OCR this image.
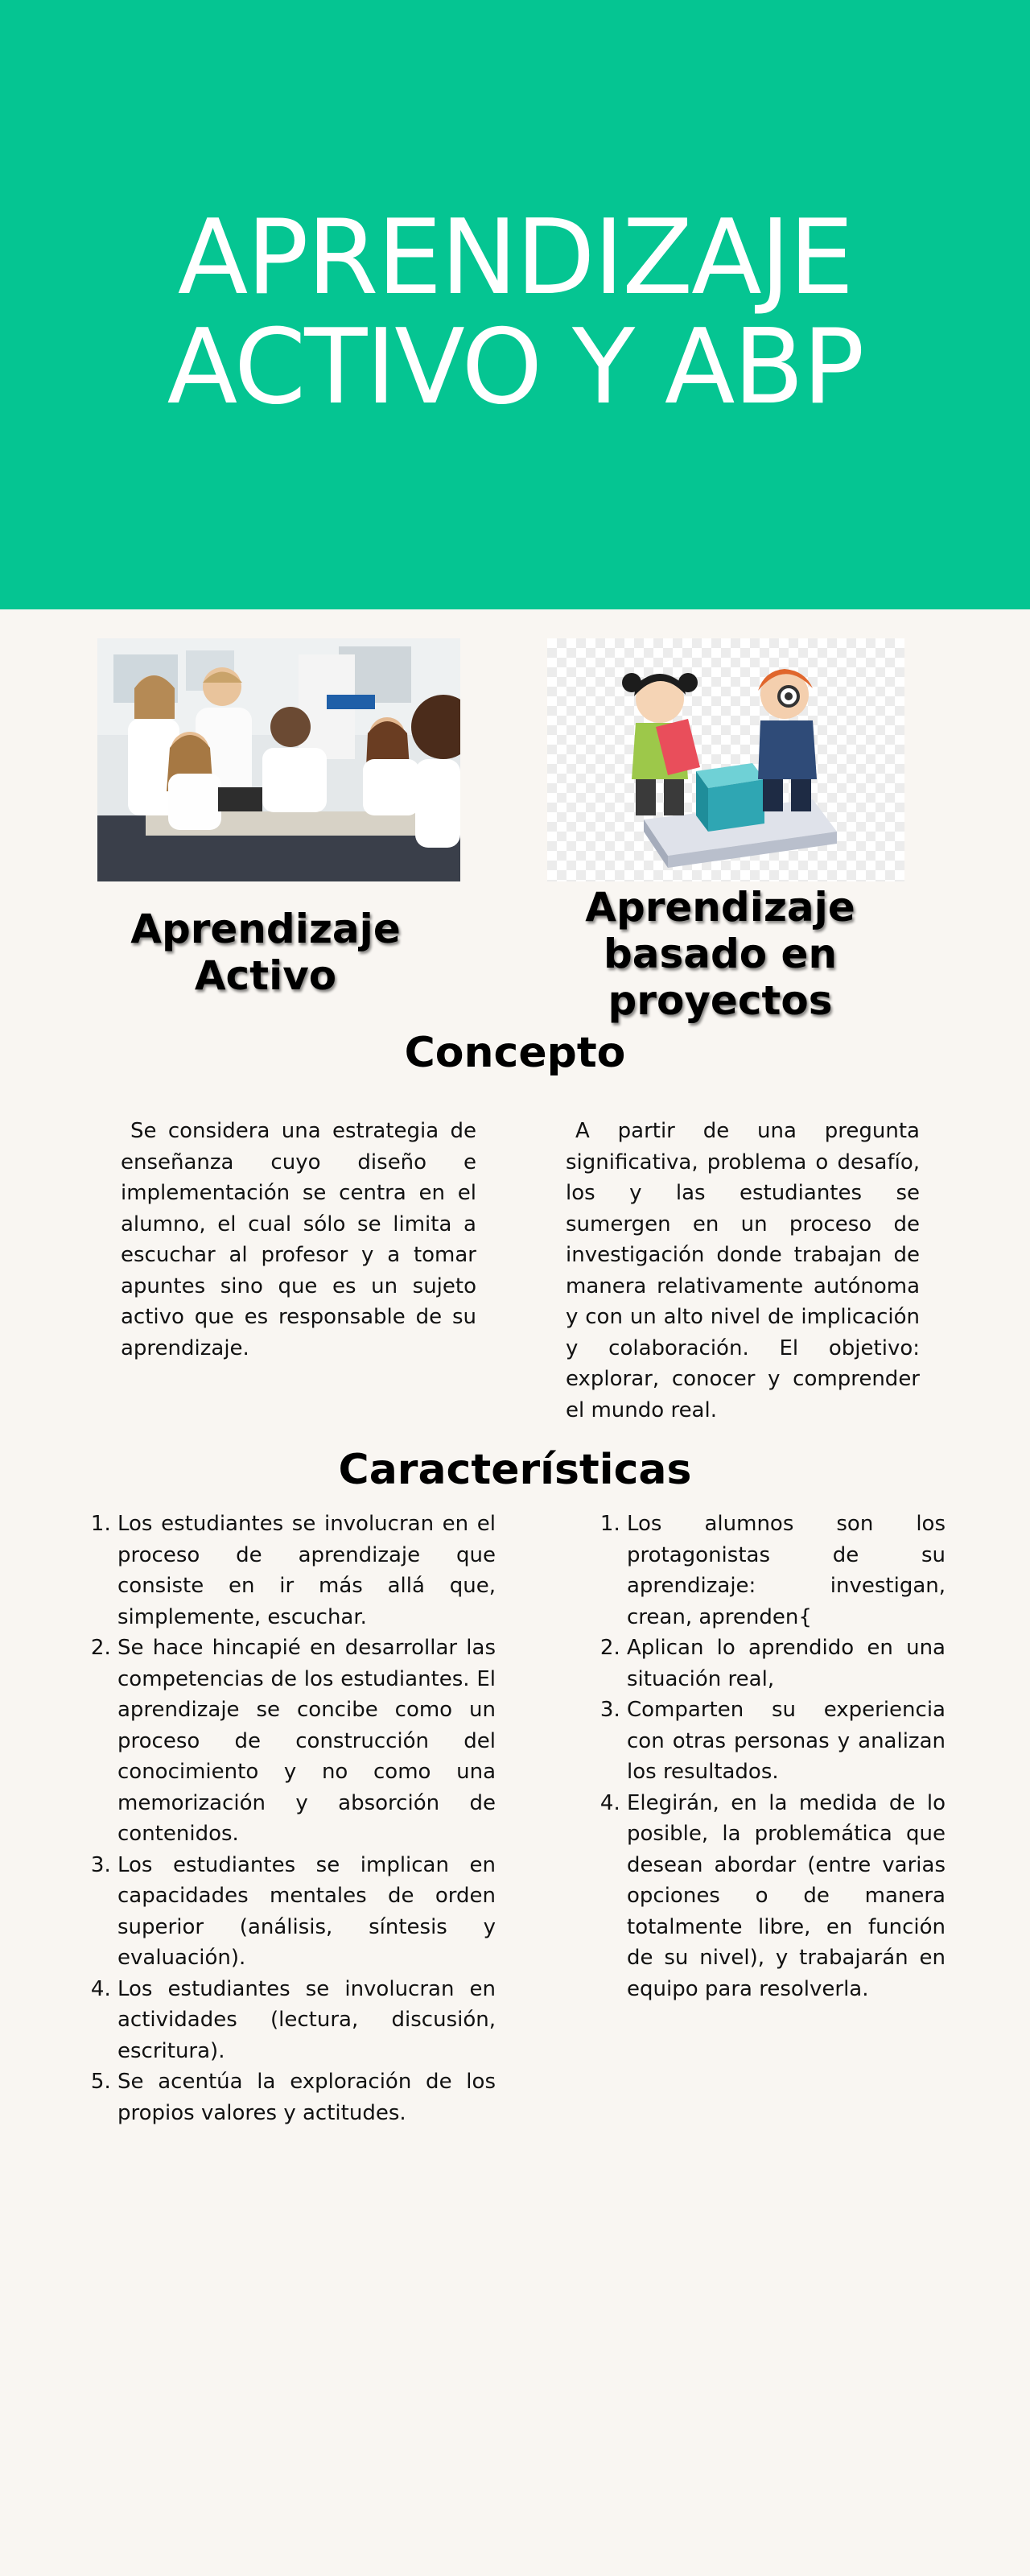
APRENDIZAJE
ACTIVO Y ABP
Aprendizaje
Activo
Aprendizaje
basado en
proyectos
Concepto

Se considera una estrategia de enseñanza cuyo diseño e implementación se centra en el alumno, el cual sólo se limita a escuchar al profesor y a tomar apuntes sino que es un sujeto activo que es responsable de su aprendizaje.

A partir de una pregunta significativa, problema o desafío, los y las estudiantes se sumergen en un proceso de investigación donde trabajan de manera relativamente autónoma y con un alto nivel de implicación y colaboración. El objetivo: explorar, conocer y comprender el mundo real.

Características
1. Los estudiantes se involucran en el proceso de aprendizaje que consiste en ir más allá que, simplemente, escuchar.
2. Se hace hincapié en desarrollar las competencias de los estudiantes. El aprendizaje se concibe como un proceso de construcción del conocimiento y no como una memorización y absorción de contenidos.
3. Los estudiantes se implican en capacidades mentales de orden superior (análisis, síntesis y evaluación).
4. Los estudiantes se involucran en actividades (lectura, discusión, escritura).
5. Se acentúa la exploración de los propios valores y actitudes.
1. Los alumnos son los protagonistas de su aprendizaje: investigan, crean, aprenden{
2. Aplican lo aprendido en una situación real,
3. Comparten su experiencia con otras personas y analizan los resultados.
4. Elegirán, en la medida de lo posible, la problemática que desean abordar (entre varias opciones o de manera totalmente libre, en función de su nivel), y trabajarán en equipo para resolverla.
